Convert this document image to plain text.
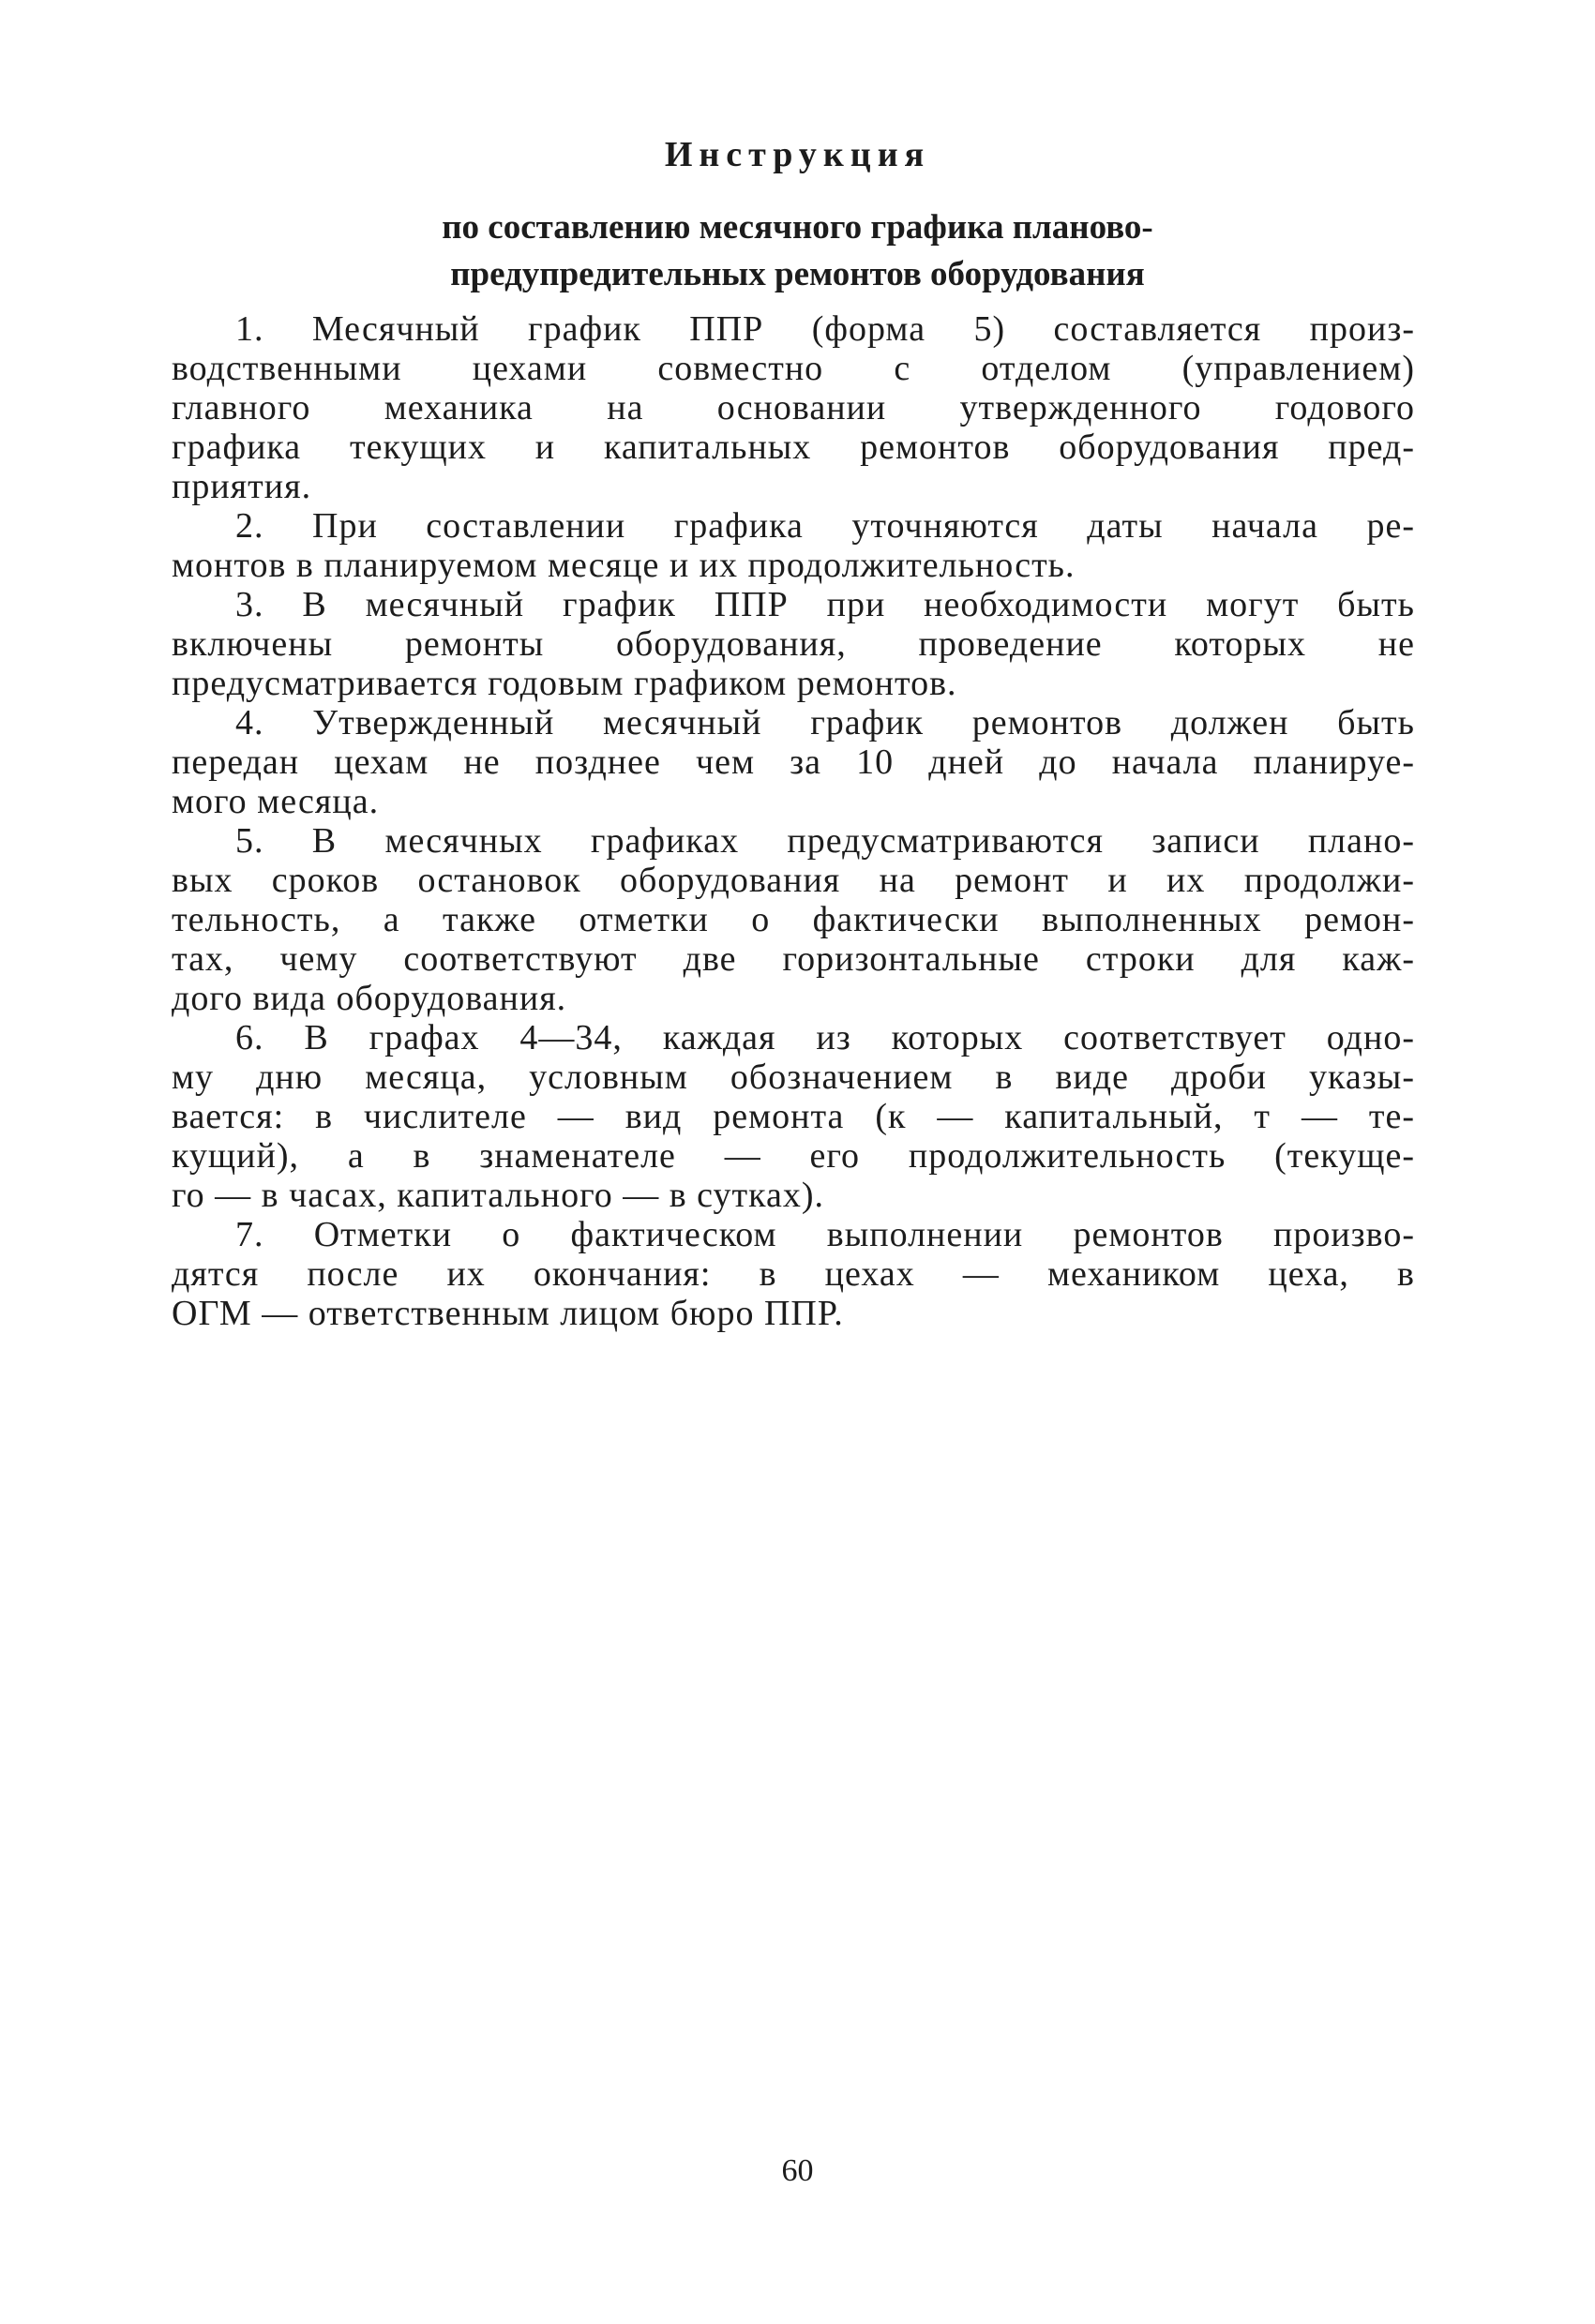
Инструкция
по составлению месячного графика планово-
предупредительных ремонтов оборудования
1. Месячный график ППР (форма 5) составляется произ-
водственными цехами совместно с отделом (управлением)
главного механика на основании утвержденного годового
графика текущих и капитальных ремонтов оборудования пред-
приятия.
2. При составлении графика уточняются даты начала ре-
монтов в планируемом месяце и их продолжительность.
3. В месячный график ППР при необходимости могут быть
включены ремонты оборудования, проведение которых не
предусматривается годовым графиком ремонтов.
4. Утвержденный месячный график ремонтов должен быть
передан цехам не позднее чем за 10 дней до начала планируе-
мого месяца.
5. В месячных графиках предусматриваются записи плано-
вых сроков остановок оборудования на ремонт и их продолжи-
тельность, а также отметки о фактически выполненных ремон-
тах, чему соответствуют две горизонтальные строки для каж-
дого вида оборудования.
6. В графах 4—34, каждая из которых соответствует одно-
му дню месяца, условным обозначением в виде дроби указы-
вается: в числителе — вид ремонта (к — капитальный, т — те-
кущий), а в знаменателе — его продолжительность (текуще-
го — в часах, капитального — в сутках).
7. Отметки о фактическом выполнении ремонтов произво-
дятся после их окончания: в цехах — механиком цеха, в
ОГМ — ответственным лицом бюро ППР.
60
